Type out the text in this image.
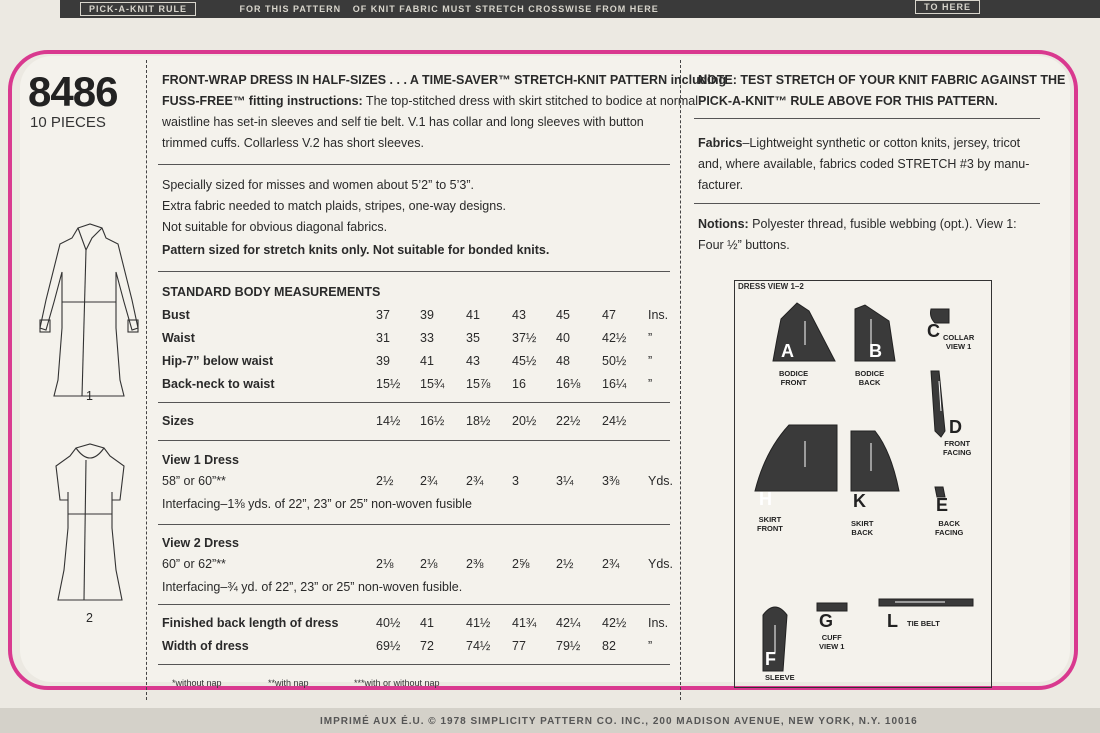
PICK-A-KNIT RULE	FOR THIS PATTERN OF KNIT FABRIC MUST STRETCH CROSSWISE FROM HERE	TO HERE
8486
10 PIECES
1
2
FRONT-WRAP DRESS IN HALF-SIZES . . . A TIME-SAVER™ STRETCH-KNIT PATTERN including
FUSS-FREE™ fitting instructions: The top-stitched dress with skirt stitched to bodice at normal
waistline has set-in sleeves and self tie belt. V.1 has collar and long sleeves with button
trimmed cuffs. Collarless V.2 has short sleeves.
Specially sized for misses and women about 5’2” to 5’3”.
Extra fabric needed to match plaids, stripes, one-way designs.
Not suitable for obvious diagonal fabrics.
Pattern sized for stretch knits only. Not suitable for bonded knits.
STANDARD BODY MEASUREMENTS
Bust	37 39	41	43 45	47	Ins.
Waist	31 33	35	37½ 40	42½ ”
Hip-7” below waist	39 41	43	45½ 48	50½ ”
Back-neck to waist	15½ 15¾ 15⅞ 16 16⅛ 16¼ ”
Sizes	14½ 16½ 18½ 20½ 22½ 24½
58” or 60”**	2½ 2¾ 2¾ 3	3¼ 3⅜ Yds.
60” or 62”**	2⅛ 2⅛ 2⅜ 2⅝ 2½ 2¾ Yds.
Finished back length of dress	40½ 41	41½ 41¾ 42¼ 42½ Ins.
Width of dress	69½ 72	74½ 77 79½ 82	”
View 1 Dress
View 2 Dress
Interfacing–1⅜ yds. of 22”, 23” or 25” non-woven fusible
Interfacing–¾ yd. of 22”, 23” or 25” non-woven fusible.
*without nap	**with nap	***with or without nap
NOTE: TEST STRETCH OF YOUR KNIT FABRIC AGAINST THE
PICK-A-KNIT™ RULE ABOVE FOR THIS PATTERN.
Fabrics–Lightweight synthetic or cotton knits, jersey, tricot
and, where available, fabrics coded STRETCH #3 by manu-
facturer.
Notions: Polyester thread, fusible webbing (opt.). View 1:
Four ½” buttons.
DRESS VIEW 1–2
A	B
C
D
E
H	K
G	L
F
BODICE
FRONT
BODICE
BACK
COLLAR
VIEW 1
FRONT
FACING
BACK
FACING
SKIRT
FRONT
SKIRT
BACK
CUFF
VIEW 1
TIE BELT
SLEEVE
IMPRIMÉ AUX É.U. © 1978 SIMPLICITY PATTERN CO. INC., 200 MADISON AVENUE, NEW YORK, N.Y. 10016
